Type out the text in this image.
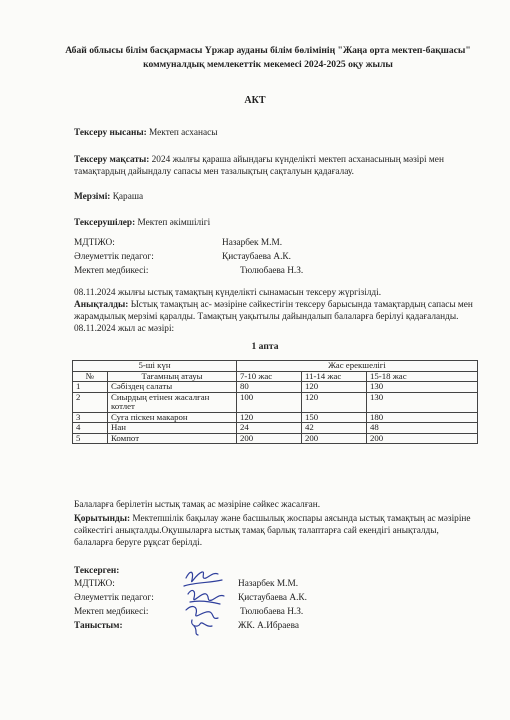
Абай облысы білім басқармасы Үржар ауданы білім бөлімінің "Жаңа орта мектеп-бақшасы" коммуналдық мемлекеттік мекемесі 2024-2025 оқу жылы
АКТ
Тексеру нысаны: Мектеп асханасы
Тексеру мақсаты: 2024 жылғы қараша айындағы күнделікті мектеп асханасының мәзірі мен тамақтардың дайындалу сапасы мен тазалықтың сақталуын қадағалау.
Мерзімі: Қараша
Тексерушілер: Мектеп әкімшілігі
МДТІЖО:	Назарбек М.М.
Әлеуметтік педагог:	Қистаубаева А.К.
Мектеп медбикесі:	Тюлюбаева Н.З.
08.11.2024 жылғы ыстық тамақтың күнделікті сынамасын тексеру жүргізілді.
Анықталды: Ыстық тамақтың ас- мәзіріне сәйкестігін тексеру барысында тамақтардың сапасы мен жарамдылық мерзімі қаралды. Тамақтың уақытылы дайындалып балаларға берілуі қадағаланды.
08.11.2024 жыл ас мәзірі:
1 апта
5-ші күн		Жас ерекшелігі		
№	Тағамның атауы	7-10 жас	11-14 жас	15-18 жас
1	Сәбіздең салаты	80	120	130
2	Сиырдың етінен жасалған котлет	100	120	130
3	Суға піскен макарон	120	150	180
4	Нан	24	42	48
5	Компот	200	200	200
Балаларға берілетін ыстық тамақ ас мәзіріне сәйкес жасалған.
Қорытынды: Мектепшілік бақылау және басшылық жоспары аясында ыстық тамақтың ас мәзіріне сәйкестігі анықталды.Оқушыларға ыстық тамақ барлық талаптарға сай екендігі анықталды, балаларға беруге рұқсат берілді.
Тексерген:
МДТІЖО:	Назарбек М.М.
Әлеуметтік педагог:	Қистаубаева А.К.
Мектеп медбикесі:	Тюлюбаева Н.З.
Таныстым:	ЖК. А.Ибраева
